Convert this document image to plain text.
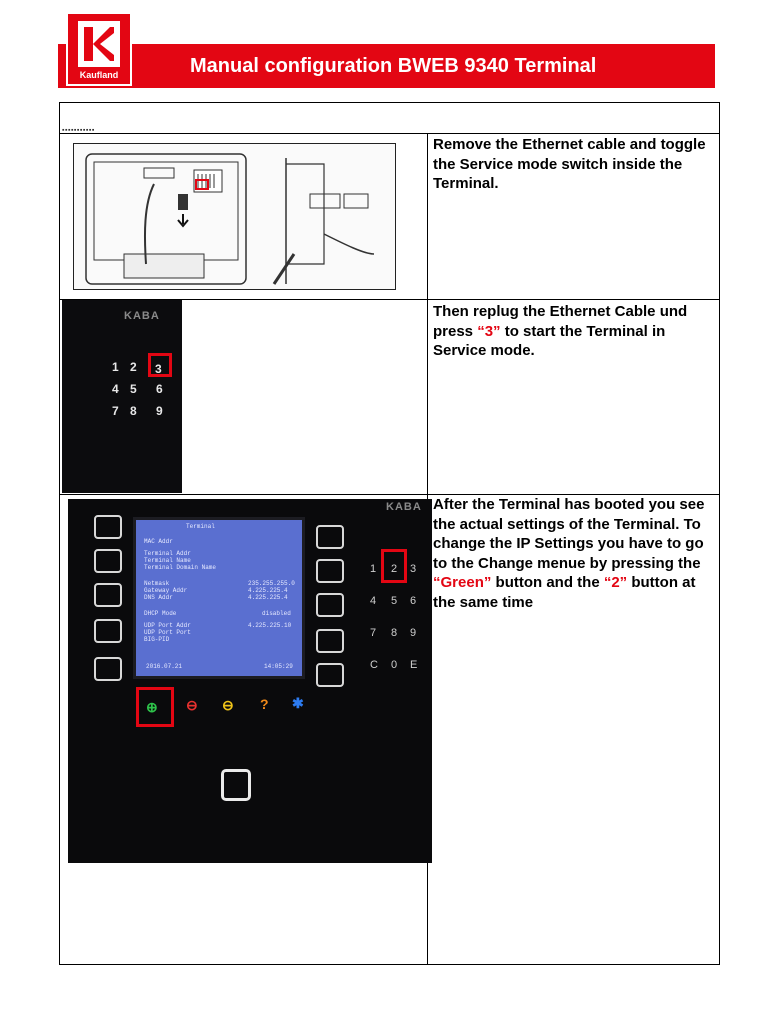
Manual configuration BWEB 9340 Terminal
Kaufland
▪▪▪▪▪▪▪▪▪▪▪
Remove the Ethernet cable and toggle the Service mode switch inside the Terminal.
Then replug the Ethernet Cable und press “3” to start the Terminal in Service mode.
After the Terminal has booted you see the actual settings of the Terminal. To change the IP Settings you have to go to the Change menue by pressing the “Green” button and the “2” button at the same time
KABA
1 2 3
4 5 6
7 8 9
KABA
Terminal
MAC Addr
Terminal Addr
Terminal Name
Terminal Domain Name
Netmask
Gateway Addr
DNS Addr
235.255.255.0
4.225.225.4
4.225.225.4
DHCP Mode	disabled
UDP Port Addr
UDP Port Port
BIG-PID
4.225.225.10
2016.07.21	14:05:29
1 2 3
4 5 6
7 8 9
C 0 E
⊕ ⊖ ⊖ ? ✱
